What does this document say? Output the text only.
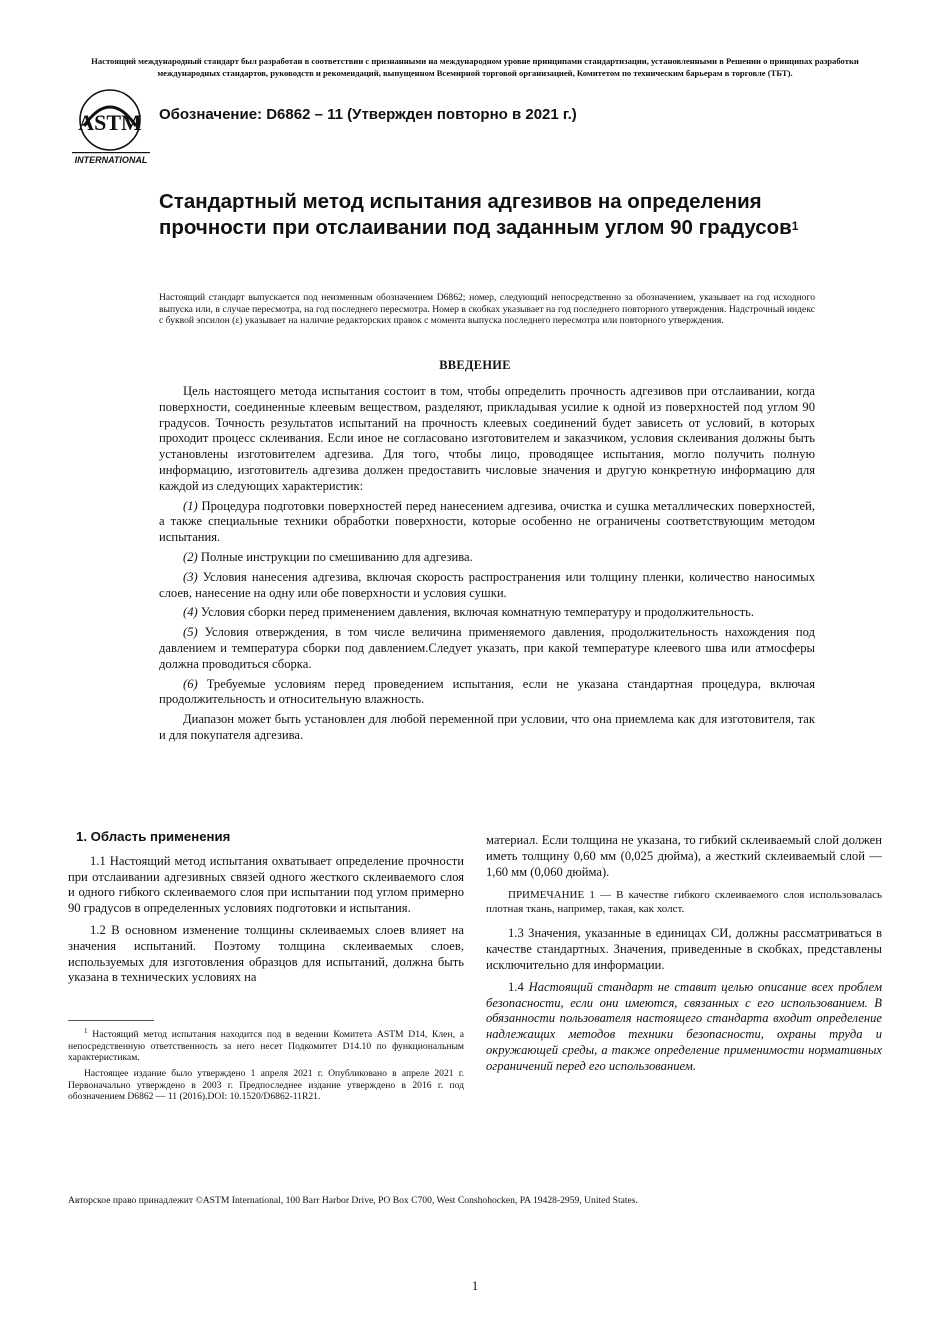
Настоящий международный стандарт был разработан в соответствии с признанными на международном уровне принципами стандартизации, установленными в Решении о принципах разработки международных стандартов, руководств и рекомендаций, выпущенном Всемирной торговой организацией, Комитетом по техническим барьерам в торговле (ТБТ).
ASTM
INTERNATIONAL
Обозначение: D6862 – 11 (Утвержден повторно в 2021 г.)
Стандартный метод испытания адгезивов на определения прочности при отслаивании под заданным углом 90 градусов$^1$

Настоящий стандарт выпускается под неизменным обозначением D6862; номер, следующий непосредственно за обозначением, указывает на год исходного выпуска или, в случае пересмотра, на год последнего пересмотра. Номер в скобках указывает на год последнего повторного утверждения. Надстрочный индекс с буквой эпсилон (ε) указывает на наличие редакторских правок с момента выпуска последнего пересмотра или повторного утверждения.

ВВЕДЕНИЕ

Цель настоящего метода испытания состоит в том, чтобы определить прочность адгезивов при отслаивании, когда поверхности, соединенные клеевым веществом, разделяют, прикладывая усилие к одной из поверхностей под углом 90 градусов. Точность результатов испытаний на прочность клеевых соединений будет зависеть от условий, в которых проходит процесс склеивания. Если иное не согласовано изготовителем и заказчиком, условия склеивания должны быть установлены изготовителем адгезива. Для того, чтобы лицо, проводящее испытания, могло получить полную информацию, изготовитель адгезива должен предоставить числовые значения и другую конкретную информацию для каждой из следующих характеристик:

(1) Процедура подготовки поверхностей перед нанесением адгезива, очистка и сушка металлических поверхностей, а также специальные техники обработки поверхности, которые особенно не ограничены соответствующим методом испытания.

(2) Полные инструкции по смешиванию для адгезива.

(3) Условия нанесения адгезива, включая скорость распространения или толщину пленки, количество наносимых слоев, нанесение на одну или обе поверхности и условия сушки.

(4) Условия сборки перед применением давления, включая комнатную температуру и продолжительность.

(5) Условия отверждения, в том числе величина применяемого давления, продолжительность нахождения под давлением и температура сборки под давлением.Следует указать, при какой температуре клеевого шва или атмосферы должна проводиться сборка.

(6) Требуемые условиям перед проведением испытания, если не указана стандартная процедура, включая продолжительность и относительную влажность.

Диапазон может быть установлен для любой переменной при условии, что она приемлема как для изготовителя, так и для покупателя адгезива.

1. Область применения

1.1 Настоящий метод испытания охватывает определение прочности при отслаивании адгезивных связей одного жесткого склеиваемого слоя и одного гибкого склеиваемого слоя при испытании под углом примерно 90 градусов в определенных условиях подготовки и испытания.

1.2 В основном изменение толщины склеиваемых слоев влияет на значения испытаний. Поэтому толщина склеиваемых слоев, используемых для изготовления образцов для испытаний, должна быть указана в технических условиях на

материал. Если толщина не указана, то гибкий склеиваемый слой должен иметь толщину 0,60 мм (0,025 дюйма), а жесткий склеиваемый слой — 1,60 мм (0,060 дюйма).

ПРИМЕЧАНИЕ 1 — В качестве гибкого склеиваемого слоя использовалась плотная ткань, например, такая, как холст.

1.3 Значения, указанные в единицах СИ, должны рассматриваться в качестве стандартных. Значения, приведенные в скобках, представлены исключительно для информации.

1.4 Настоящий стандарт не ставит целью описание всех проблем безопасности, если они имеются, связанных с его использованием. В обязанности пользователя настоящего стандарта входит определение надлежащих методов техники безопасности, охраны труда и окружающей среды, а также определение применимости нормативных ограничений перед его использованием.

$^1$ Настоящий метод испытания находится под в ведении Комитета ASTM D14, Клен, а непосредственную ответственность за него несет Подкомитет D14.10 по функциональным характеристикам.

Настоящее издание было утверждено 1 апреля 2021 г. Опубликовано в апреле 2021 г. Первоначально утверждено в 2003 г. Предпоследнее издание утверждено в 2016 г. под обозначением D6862 — 11 (2016).DOI: 10.1520/D6862-11R21.

Авторское право принадлежит ©ASTM International, 100 Barr Harbor Drive, PO Box C700, West Conshohocken, PA 19428-2959, United States.
1
